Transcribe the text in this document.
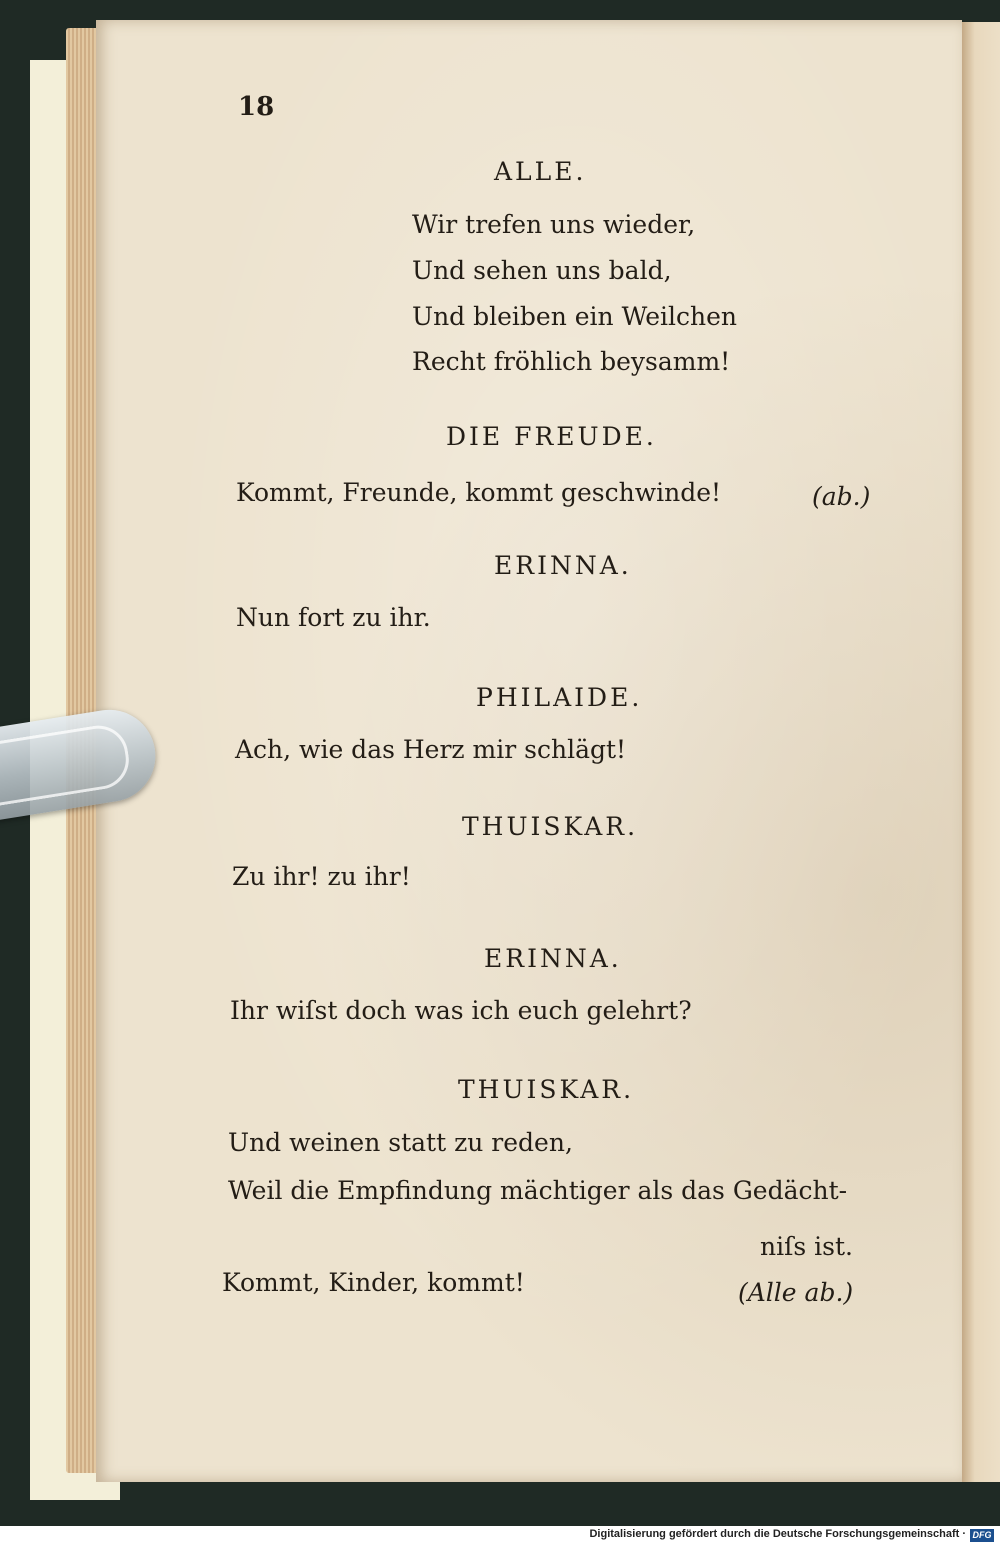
18
ALLE.
Wir trefen uns wieder,
Und sehen uns bald,
Und bleiben ein Weilchen
Recht fröhlich beysamm!
DIE FREUDE.
Kommt, Freunde, kommt geschwinde!	(ab.)
ERINNA.
Nun fort zu ihr.
PHILAIDE.
Ach, wie das Herz mir schlägt!
THUISKAR.
Zu ihr! zu ihr!
ERINNA.
Ihr wiſst doch was ich euch gelehrt?
THUISKAR.
Und weinen statt zu reden,
Weil die Empfindung mächtiger als das Gedächt-
niſs ist.
Kommt, Kinder, kommt!	(Alle ab.)
Digitalisierung gefördert durch die Deutsche Forschungsgemeinschaft · DFG
